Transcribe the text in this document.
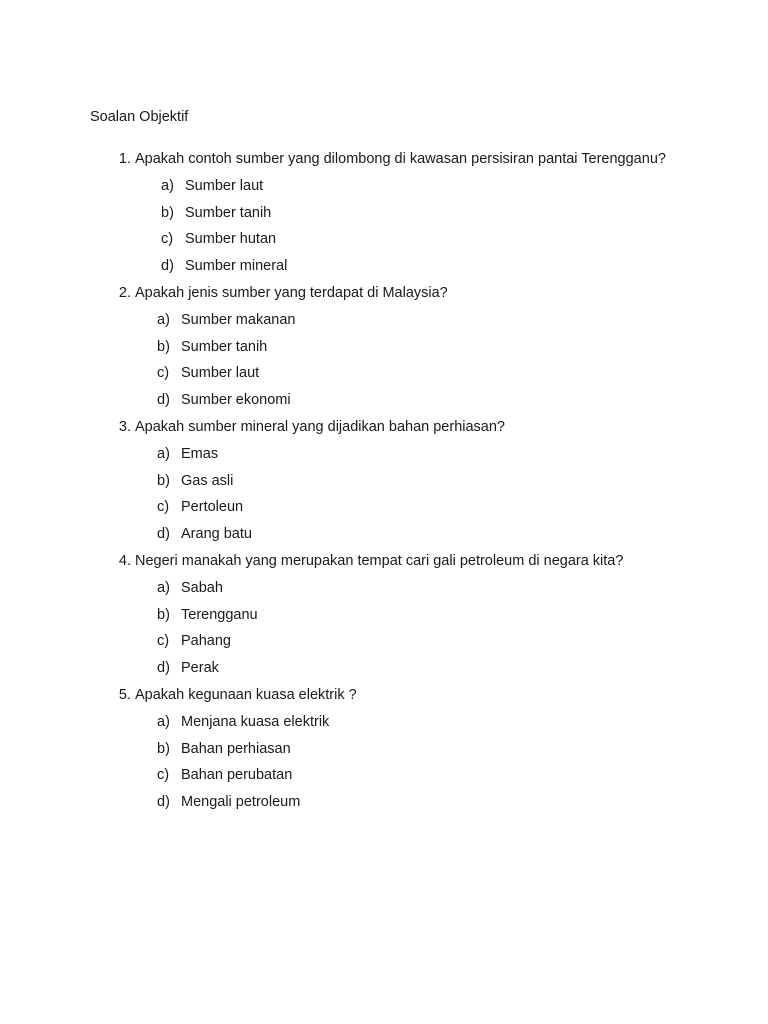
Soalan Objektif
1. Apakah contoh sumber yang dilombong di kawasan persisiran pantai Terengganu?
a) Sumber laut
b) Sumber tanih
c) Sumber hutan
d) Sumber mineral
2. Apakah jenis sumber yang terdapat di Malaysia?
a) Sumber makanan
b) Sumber tanih
c) Sumber laut
d) Sumber ekonomi
3. Apakah sumber mineral yang dijadikan bahan perhiasan?
a) Emas
b) Gas asli
c) Pertoleun
d) Arang batu
4. Negeri manakah yang merupakan tempat cari gali petroleum di negara kita?
a) Sabah
b) Terengganu
c) Pahang
d) Perak
5. Apakah kegunaan kuasa elektrik ?
a) Menjana kuasa elektrik
b) Bahan perhiasan
c) Bahan perubatan
d) Mengali petroleum
